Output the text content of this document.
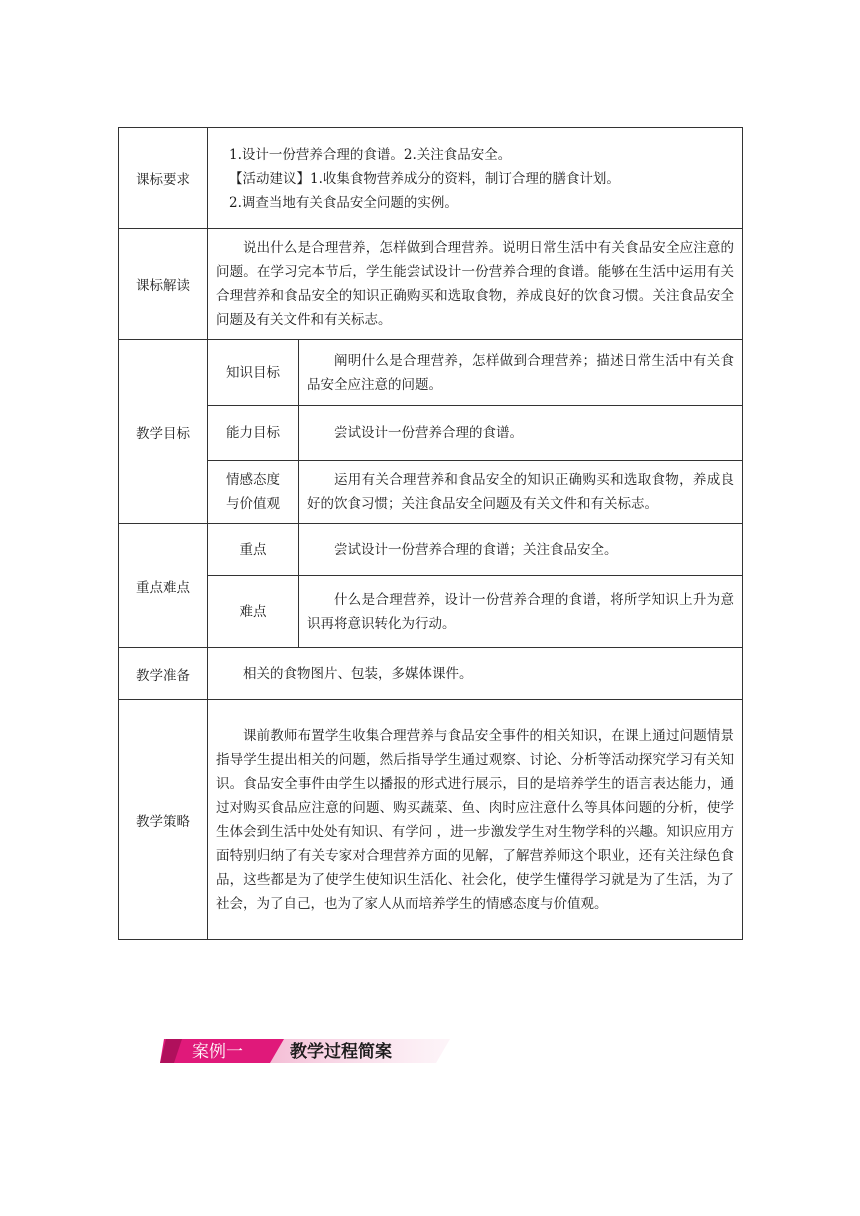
课标要求	1.设计一份营养合理的食谱。2.关注食品安全。

【活动建议】1.收集食物营养成分的资料，制订合理的膳食计划。

2.调查当地有关食品安全问题的实例。	

课标解读	说出什么是合理营养，怎样做到合理营养。说明日常生活中有关食品安全应注意的问题。在学习完本节后，学生能尝试设计一份营养合理的食谱。能够在生活中运用有关合理营养和食品安全的知识正确购买和选取食物，养成良好的饮食习惯。关注食品安全问题及有关文件和有关标志。	

教学目标	知识目标	阐明什么是合理营养，怎样做到合理营养；描述日常生活中有关食品安全应注意的问题。

	能力目标	尝试设计一份营养合理的食谱。

	情感态度
与价值观	运用有关合理营养和食品安全的知识正确购买和选取食物，养成良好的饮食习惯；关注食品安全问题及有关文件和有关标志。

重点难点	重点	尝试设计一份营养合理的食谱；关注食品安全。

	难点	什么是合理营养，设计一份营养合理的食谱，将所学知识上升为意识再将意识转化为行动。

教学准备	相关的食物图片、包装，多媒体课件。	

教学策略	课前教师布置学生收集合理营养与食品安全事件的相关知识，在课上通过问题情景指导学生提出相关的问题，然后指导学生通过观察、讨论、分析等活动探究学习有关知识。食品安全事件由学生以播报的形式进行展示，目的是培养学生的语言表达能力，通过对购买食品应注意的问题、购买蔬菜、鱼、肉时应注意什么等具体问题的分析，使学生体会到生活中处处有知识、有学问 ，进一步激发学生对生物学科的兴趣。知识应用方面特别归纳了有关专家对合理营养方面的见解，了解营养师这个职业，还有关注绿色食品，这些都是为了使学生使知识生活化、社会化，使学生懂得学习就是为了生活，为了社会，为了自己，也为了家人从而培养学生的情感态度与价值观。	

案例一	教学过程简案
